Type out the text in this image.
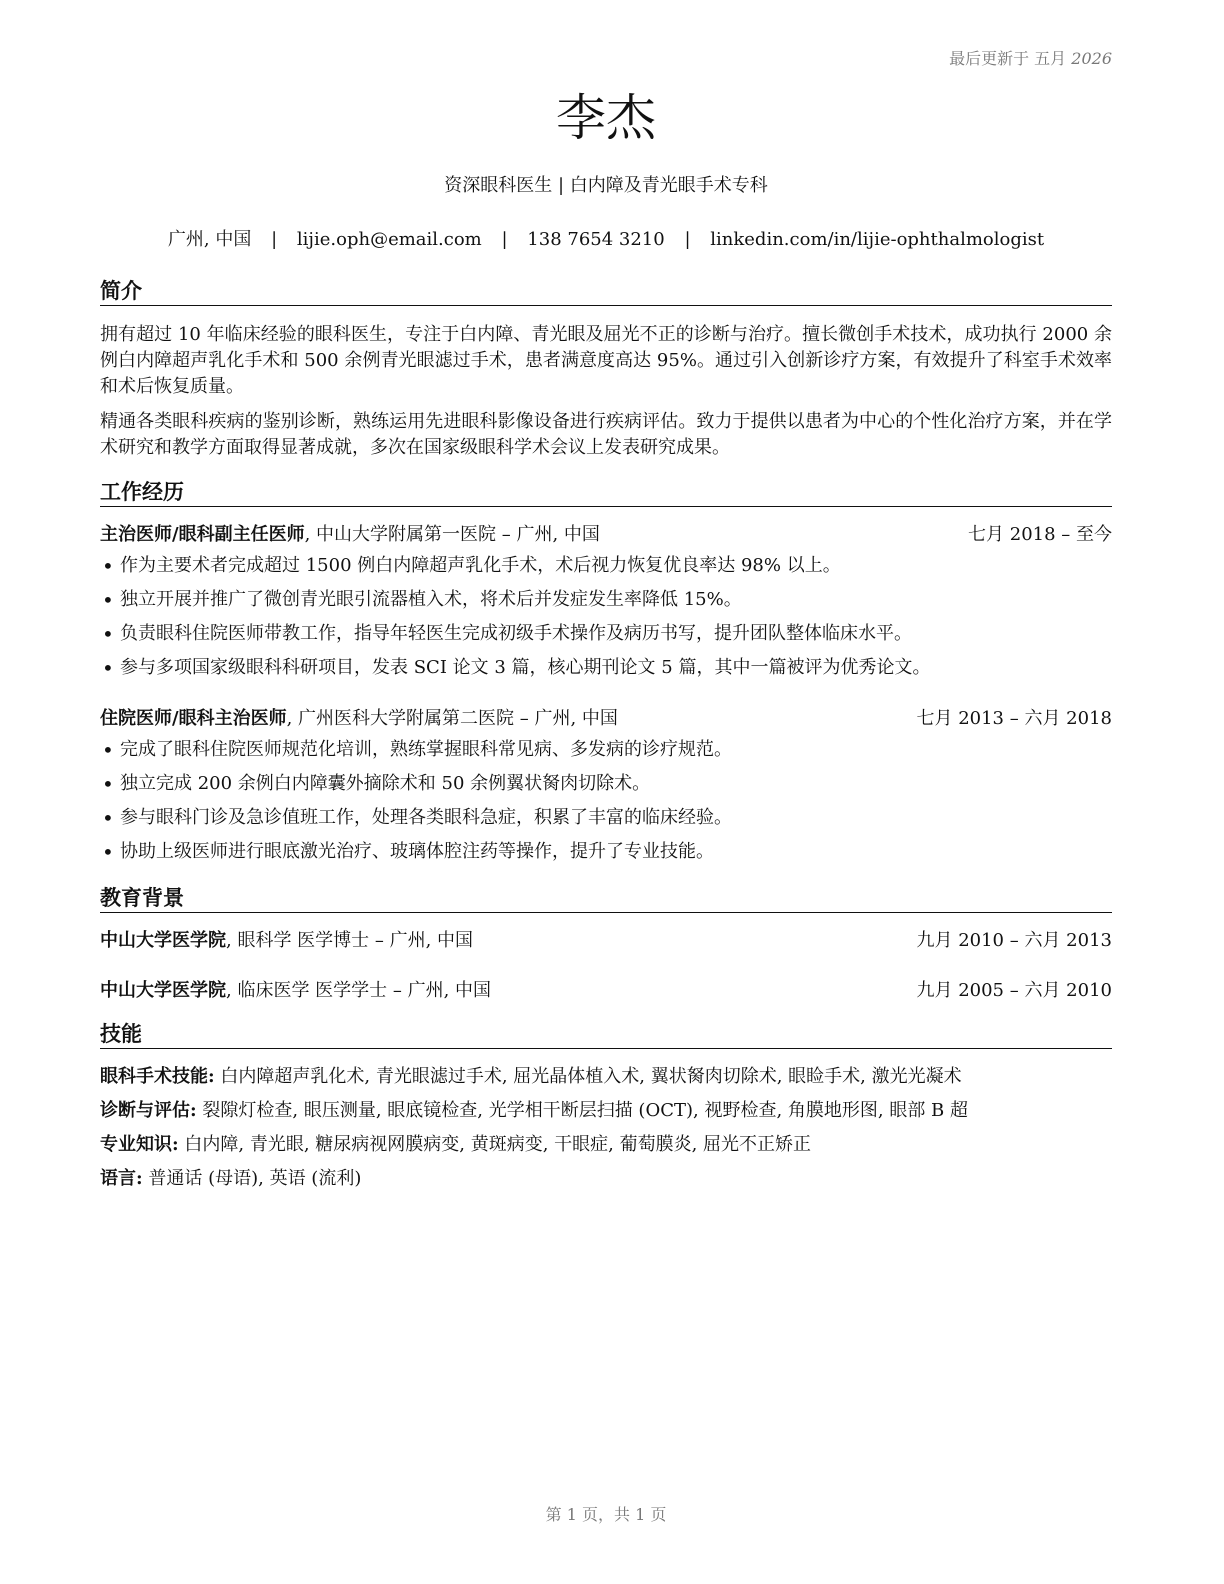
最后更新于 五月 2026
李杰
资深眼科医生 | 白内障及青光眼手术专科
广州, 中国 | lijie.oph@email.com | 138 7654 3210 | linkedin.com/in/lijie-ophthalmologist
简介

拥有超过 10 年临床经验的眼科医生，专注于白内障、青光眼及屈光不正的诊断与治疗。擅长微创手术技术，成功执行 2000 余例白内障超声乳化手术和 500 余例青光眼滤过手术，患者满意度高达 95%。通过引入创新诊疗方案，有效提升了科室手术效率和术后恢复质量。

精通各类眼科疾病的鉴别诊断，熟练运用先进眼科影像设备进行疾病评估。致力于提供以患者为中心的个性化治疗方案，并在学术研究和教学方面取得显著成就，多次在国家级眼科学术会议上发表研究成果。

工作经历
主治医师/眼科副主任医师, 中山大学附属第一医院 – 广州, 中国	七月 2018 – 至今
• 作为主要术者完成超过 1500 例白内障超声乳化手术，术后视力恢复优良率达 98% 以上。
• 独立开展并推广了微创青光眼引流器植入术，将术后并发症发生率降低 15%。
• 负责眼科住院医师带教工作，指导年轻医生完成初级手术操作及病历书写，提升团队整体临床水平。
• 参与多项国家级眼科科研项目，发表 SCI 论文 3 篇，核心期刊论文 5 篇，其中一篇被评为优秀论文。
住院医师/眼科主治医师, 广州医科大学附属第二医院 – 广州, 中国	七月 2013 – 六月 2018
• 完成了眼科住院医师规范化培训，熟练掌握眼科常见病、多发病的诊疗规范。
• 独立完成 200 余例白内障囊外摘除术和 50 余例翼状胬肉切除术。
• 参与眼科门诊及急诊值班工作，处理各类眼科急症，积累了丰富的临床经验。
• 协助上级医师进行眼底激光治疗、玻璃体腔注药等操作，提升了专业技能。
教育背景
中山大学医学院, 眼科学 医学博士 – 广州, 中国	九月 2010 – 六月 2013
中山大学医学院, 临床医学 医学学士 – 广州, 中国	九月 2005 – 六月 2010
技能
眼科手术技能: 白内障超声乳化术, 青光眼滤过手术, 屈光晶体植入术, 翼状胬肉切除术, 眼睑手术, 激光光凝术
诊断与评估: 裂隙灯检查, 眼压测量, 眼底镜检查, 光学相干断层扫描 (OCT), 视野检查, 角膜地形图, 眼部 B 超
专业知识: 白内障, 青光眼, 糖尿病视网膜病变, 黄斑病变, 干眼症, 葡萄膜炎, 屈光不正矫正
语言: 普通话 (母语), 英语 (流利)
第 1 页，共 1 页
